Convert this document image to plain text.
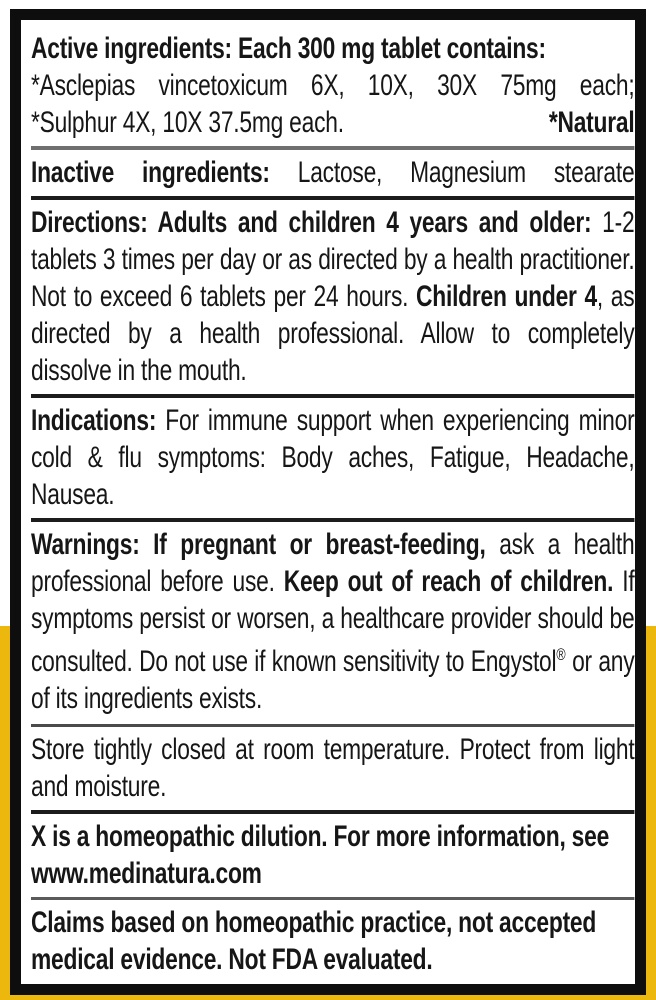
Active ingredients: Each 300 mg tablet contains:

*Asclepias vincetoxicum 6X, 10X, 30X 75mg each;

*Sulphur 4X, 10X 37.5mg each.	*Natural

Inactive ingredients: Lactose, Magnesium stearate

Directions: Adults and children 4 years and older: 1-2 tablets 3 times per day or as directed by a health practitioner. Not to exceed 6 tablets per 24 hours. Children under 4, as directed by a health professional. Allow to completely dissolve in the mouth.

Indications: For immune support when experiencing minor cold & flu symptoms: Body aches, Fatigue, Headache, Nausea.

Warnings: If pregnant or breast-feeding, ask a health professional before use. Keep out of reach of children. If symptoms persist or worsen, a healthcare provider should be consulted. Do not use if known sensitivity to Engystol® or any of its ingredients exists.

Store tightly closed at room temperature. Protect from light and moisture.

X is a homeopathic dilution. For more information, see www.medinatura.com

Claims based on homeopathic practice, not accepted medical evidence. Not FDA evaluated.
